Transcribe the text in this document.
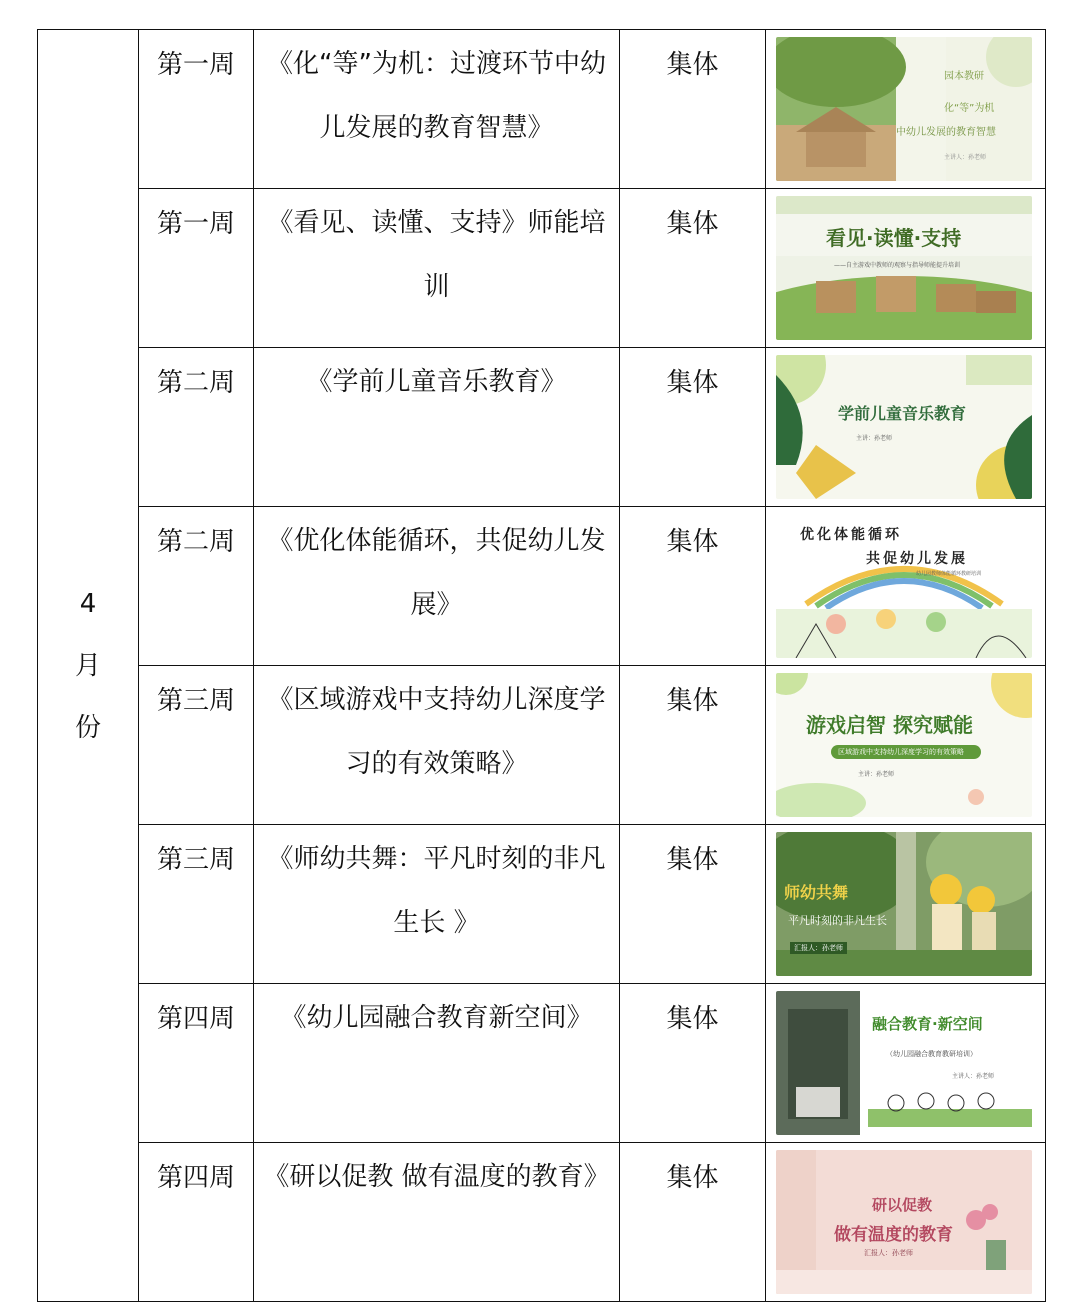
4
月
份	第一周	《化“等”为机：过渡环节中幼儿发展的教育智慧》	集体	园本教研
化“等”为机
中幼儿发展的教育智慧
主讲人：孙老师

	第一周	《看见、读懂、支持》师能培训	集体	看见·读懂·支持
——自主游戏中教师的观察与指导师能提升培训

	第二周	《学前儿童音乐教育》	集体	学前儿童音乐教育
主讲：孙老师

	第二周	《优化体能循环，共促幼儿发展》	集体	优化体能循环
共促幼儿发展
幼儿园教师体能循环教研培训

	第三周	《区域游戏中支持幼儿深度学习的有效策略》	集体	游戏启智 探究赋能
区域游戏中支持幼儿深度学习的有效策略
主讲：孙老师

	第三周	《师幼共舞：平凡时刻的非凡生长 》	集体	师幼共舞
平凡时刻的非凡生长
汇报人：孙老师

	第四周	《幼儿园融合教育新空间》	集体	融合教育·新空间
（幼儿园融合教育教研培训）
主讲人：孙老师

	第四周	《研以促教 做有温度的教育》	集体	研以促教
做有温度的教育
汇报人：孙老师
